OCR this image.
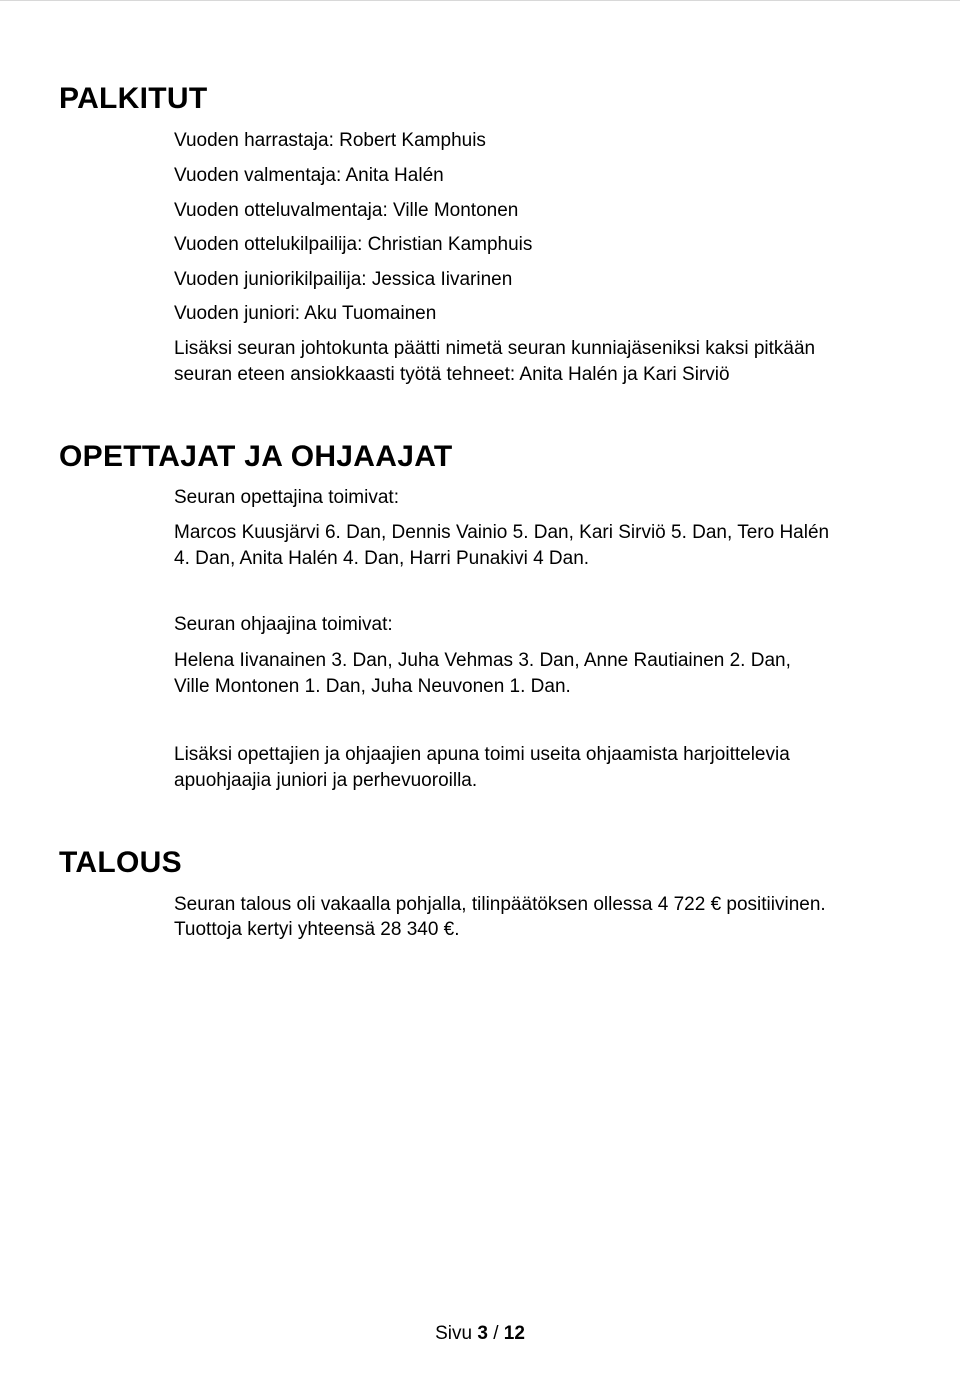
PALKITUT

Vuoden harrastaja: Robert Kamphuis

Vuoden valmentaja: Anita Halén

Vuoden otteluvalmentaja: Ville Montonen

Vuoden ottelukilpailija: Christian Kamphuis

Vuoden juniorikilpailija: Jessica Iivarinen

Vuoden juniori: Aku Tuomainen

Lisäksi seuran johtokunta päätti nimetä seuran kunniajäseniksi kaksi pitkään

seuran eteen ansiokkaasti työtä tehneet: Anita Halén ja Kari Sirviö

OPETTAJAT JA OHJAAJAT

Seuran opettajina toimivat:

Marcos Kuusjärvi 6. Dan, Dennis Vainio 5. Dan, Kari Sirviö 5. Dan, Tero Halén

4. Dan, Anita Halén 4. Dan, Harri Punakivi 4 Dan.

Seuran ohjaajina toimivat:

Helena Iivanainen 3. Dan, Juha Vehmas 3. Dan, Anne Rautiainen 2. Dan,

Ville Montonen 1. Dan, Juha Neuvonen 1. Dan.

Lisäksi opettajien ja ohjaajien apuna toimi useita ohjaamista harjoittelevia

apuohjaajia juniori ja perhevuoroilla.

TALOUS

Seuran talous oli vakaalla pohjalla, tilinpäätöksen ollessa 4 722 € positiivinen.

Tuottoja kertyi yhteensä 28 340 €.

Sivu 3 / 12
